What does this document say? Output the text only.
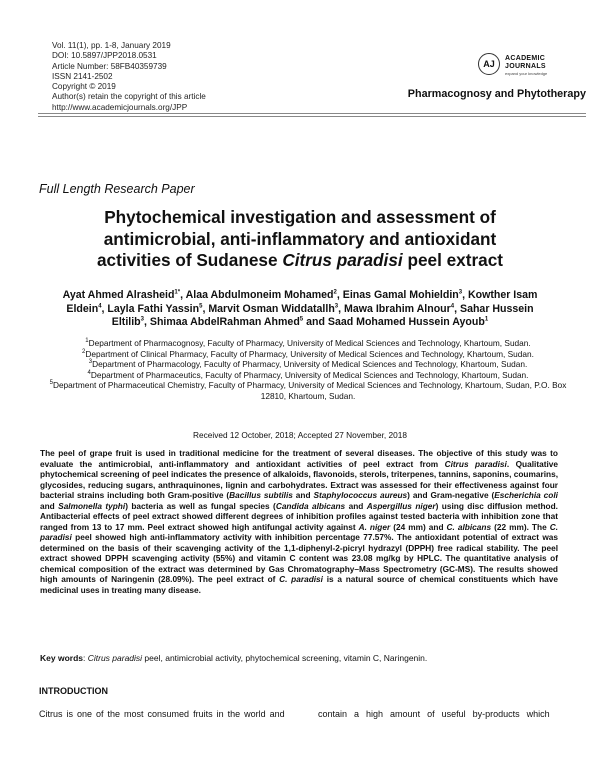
Vol. 11(1), pp. 1-8, January 2019
DOI: 10.5897/JPP2018.0531
Article Number: 58FB40359739
ISSN 2141-2502
Copyright © 2019
Author(s) retain the copyright of this article
http://www.academicjournals.org/JPP
AJ
ACADEMIC
JOURNALS
expand your knowledge
Pharmacognosy and Phytotherapy
Full Length Research Paper
Phytochemical investigation and assessment of
antimicrobial, anti-inflammatory and antioxidant
activities of Sudanese Citrus paradisi peel extract
Ayat Ahmed Alrasheid$^{1*}$, Alaa Abdulmoneim Mohamed$^2$, Einas Gamal Mohieldin$^3$, Kowther Isam Eldein$^4$, Layla Fathi Yassin$^5$, Marvit Osman Widdatallh$^3$, Mawa Ibrahim Alnour$^4$, Sahar Hussein Eltilib$^3$, Shimaa AbdelRahman Ahmed$^5$ and Saad Mohamed Hussein Ayoub$^1$
$^1$Department of Pharmacognosy, Faculty of Pharmacy, University of Medical Sciences and Technology, Khartoum, Sudan.
$^2$Department of Clinical Pharmacy, Faculty of Pharmacy, University of Medical Sciences and Technology, Khartoum, Sudan.
$^3$Department of Pharmacology, Faculty of Pharmacy, University of Medical Sciences and Technology, Khartoum, Sudan.
$^4$Department of Pharmaceutics, Faculty of Pharmacy, University of Medical Sciences and Technology, Khartoum, Sudan.
$^5$Department of Pharmaceutical Chemistry, Faculty of Pharmacy, University of Medical Sciences and Technology, Khartoum, Sudan, P.O. Box 12810, Khartoum, Sudan.
Received 12 October, 2018; Accepted 27 November, 2018
The peel of grape fruit is used in traditional medicine for the treatment of several diseases. The objective of this study was to evaluate the antimicrobial, anti-inflammatory and antioxidant activities of peel extract from Citrus paradisi. Qualitative phytochemical screening of peel indicates the presence of alkaloids, flavonoids, sterols, triterpenes, tannins, saponins, coumarins, glycosides, reducing sugars, anthraquinones, lignin and carbohydrates. Extract was assessed for their effectiveness against four bacterial strains including both Gram-positive (Bacillus subtilis and Staphylococcus aureus) and Gram-negative (Escherichia coli and Salmonella typhi) bacteria as well as fungal species (Candida albicans and Aspergillus niger) using disc diffusion method. Antibacterial effects of peel extract showed different degrees of inhibition profiles against tested bacteria with inhibition zone that ranged from 13 to 17 mm. Peel extract showed high antifungal activity against A. niger (24 mm) and C. albicans (22 mm). The C. paradisi peel showed high anti-inflammatory activity with inhibition percentage 77.57%. The antioxidant potential of extract was determined on the basis of their scavenging activity of the 1,1-diphenyl-2-picryl hydrazyl (DPPH) free radical stability. The peel extract showed DPPH scavenging activity (55%) and vitamin C content was 23.08 mg/kg by HPLC. The quantitative analysis of chemical composition of the extract was determined by Gas Chromatography–Mass Spectrometry (GC-MS). The results showed high amounts of Naringenin (28.09%). The peel extract of C. paradisi is a natural source of chemical constituents which have medicinal uses in treating many disease.
Key words: Citrus paradisi peel, antimicrobial activity, phytochemical screening, vitamin C, Naringenin.
INTRODUCTION
Citrus is one of the most consumed fruits in the world and	contain a high amount of useful by-products which
